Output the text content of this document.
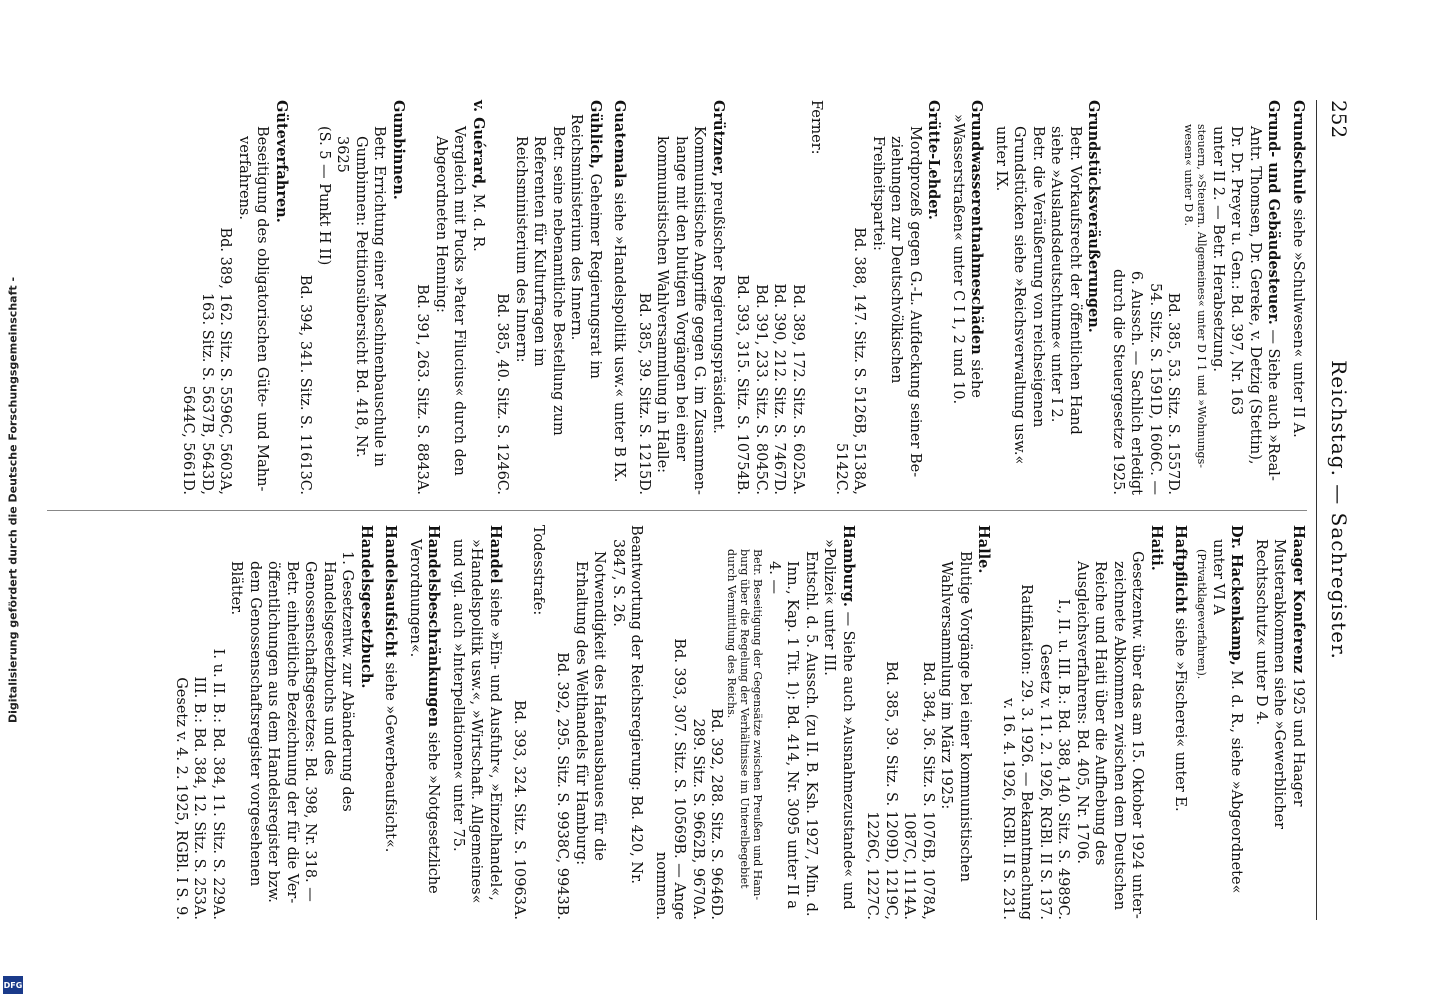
Digitalisierung gefördert durch die Deutsche Forschungsgemeinschaft -
DFG
252
Reichstag. — Sachregister.
Grundschule siehe »Schulwesen« unter II A.
Grund- und Gebäudesteuer. — Siehe auch »Real-
Antr. Thomsen, Dr. Gereke, v. Detzig (Stettin),
Dr. Dr. Preyer u. Gen.: Bd. 397, Nr. 163
unter II 2. — Betr. Herabsetzung.
steuern, »Steuern. Allgemeines« unter D I 1 und »Wohnungswesen« unter D 8.
Bd. 385, 53. Sitz. S. 1557D.
54. Sitz. S. 1591D, 1606C. —
6. Aussch. — Sachlich erledigt
durch die Steuergesetze 1925.
Grundstücksveräußerungen.
Betr. Vorkaufsrecht der öffentlichen Hand
siehe »Auslandsdeutschtume« unter I 2.
Betr. die Veräußerung von reichseigenen
Grundstücken siehe »Reichsverwaltung usw.«
unter IX.
Grundwasserentnahmeschäden siehe »Wasserstraßen« unter C I 1, 2 und 10.
Grütte-Lehder.
Mordprozeß gegen G.-L. Aufdeckung seiner Beziehungen zur Deutschvölkischen Freiheitspartei:
Bd. 388, 147. Sitz. S. 5126B, 5138A,
5142C.
Ferner:
Bd. 389, 172. Sitz. S. 6025A.
Bd. 390, 212. Sitz. S. 7467D.
Bd. 391, 233. Sitz. S. 8045C.
Bd. 393, 315. Sitz. S. 10754B.
Grützner, preußischer Regierungspräsident.
Kommunistische Angriffe gegen G. im Zusammenhange mit den blutigen Vorgängen bei einer kommunistischen Wahlversammlung in Halle:
Bd. 385, 39. Sitz. S. 1215D.
Guatemala siehe »Handelspolitik usw.« unter B IX.
Gühlich, Geheimer Regierungsrat im Reichsministerium des Innern.
Betr. seine nebenamtliche Bestellung zum Referenten für Kulturfragen im Reichsministerium des Innern:
Bd. 385, 40. Sitz. S. 1246C.
v. Guérard, M. d. R.
Vergleich mit Pucks »Pater Filucius« durch den Abgeordneten Henning:
Bd. 391, 263. Sitz. S. 8843A.
Gumbinnen.
Betr. Errichtung einer Maschinenbauschule in Gumbinnen: Petitionsübersicht Bd. 418, Nr. 3625
(S. 5 — Punkt H II)
Bd. 394, 341. Sitz. S. 11613C.
Güteverfahren.
Beseitigung des obligatorischen Güte- und Mahnverfahrens.
Bd. 389, 162. Sitz. S. 5596C, 5603A,
163. Sitz. S. 5637B, 5643D,
5644C, 5661D.
Haager Konferenz 1925 und Haager Musterabkommen siehe »Gewerblicher Rechtsschutz« unter D 4.
Dr. Hackenkamp, M. d. R., siehe »Abgeordnete« unter VI A
(Privatklageverfahren).
Haftpflicht siehe »Fischerei« unter E.
Haiti.
Gesetzentw. über das am 15. Oktober 1924 unterzeichnete Abkommen zwischen dem Deutschen Reiche und Haiti über die Aufhebung des Ausgleichsverfahrens: Bd. 405, Nr. 1706.
I., II. u. III. B.: Bd. 388, 140. Sitz. S. 4989C.
Gesetz v. 11. 2. 1926, RGBl. II S. 137.
Ratifikation: 29. 3. 1926. — Bekanntmachung
v. 16. 4. 1926, RGBl. II S. 231.
Halle.
Blutige Vorgänge bei einer kommunistischen Wahlversammlung im März 1925:
Bd. 384, 36. Sitz. S. 1076B, 1078A,
1087C, 1114A.
Bd. 385, 39. Sitz. S. 1209D, 1219C,
1226C, 1227C.
Hamburg. — Siehe auch »Ausnahmezustande« und »Polizei« unter III.
Entschl. d. 5. Aussch. (zu II. B. Ksh. 1927, Min. d. Inn., Kap. 1 Tit. 1): Bd. 414, Nr. 3095 unter II a 4. —
Betr. Beseitigung der Gegensätze zwischen Preußen und Hamburg über die Regelung der Verhältnisse im Unterelbegebiet durch Vermittlung des Reichs.
Bd. 392, 288. Sitz. S. 9646D.
289. Sitz. S. 9662B, 9670A.
Bd. 393, 307. Sitz. S. 10569B. — Ange
nommen.
Beantwortung der Reichsregierung: Bd. 420, Nr. 3847, S. 26.
Notwendigkeit des Hafenausbaues für die Erhaltung des Welthandels für Hamburg:
Bd. 392, 295. Sitz. S. 9938C, 9943B.
Todesstrafe:
Bd. 393, 324. Sitz. S. 10963A.
Handel siehe »Ein- und Ausfuhr«, »Einzelhandel«, »Handelspolitik usw.«, »Wirtschaft. Allgemeines« und vgl. auch »Interpellationen« unter 75.
Handelsbeschränkungen siehe »Notgesetzliche Verordnungen«.
Handelsaufsicht siehe »Gewerbeaufsicht«.
Handelsgesetzbuch.
1. Gesetzentw. zur Abänderung des Handelsgesetzbuchs und des Genossenschaftsgesetzes: Bd. 398, Nr. 318. — Betr. einheitliche Bezeichnung der für die Veröffentlichungen aus dem Handelsregister bzw. dem Genossenschaftsregister vorgesehenen Blätter.
I. u. II. B.: Bd. 384, 11. Sitz. S. 229A.
III. B.: Bd. 384, 12. Sitz. S. 253A.
Gesetz v. 4. 2. 1925, RGBl. I S. 9.
